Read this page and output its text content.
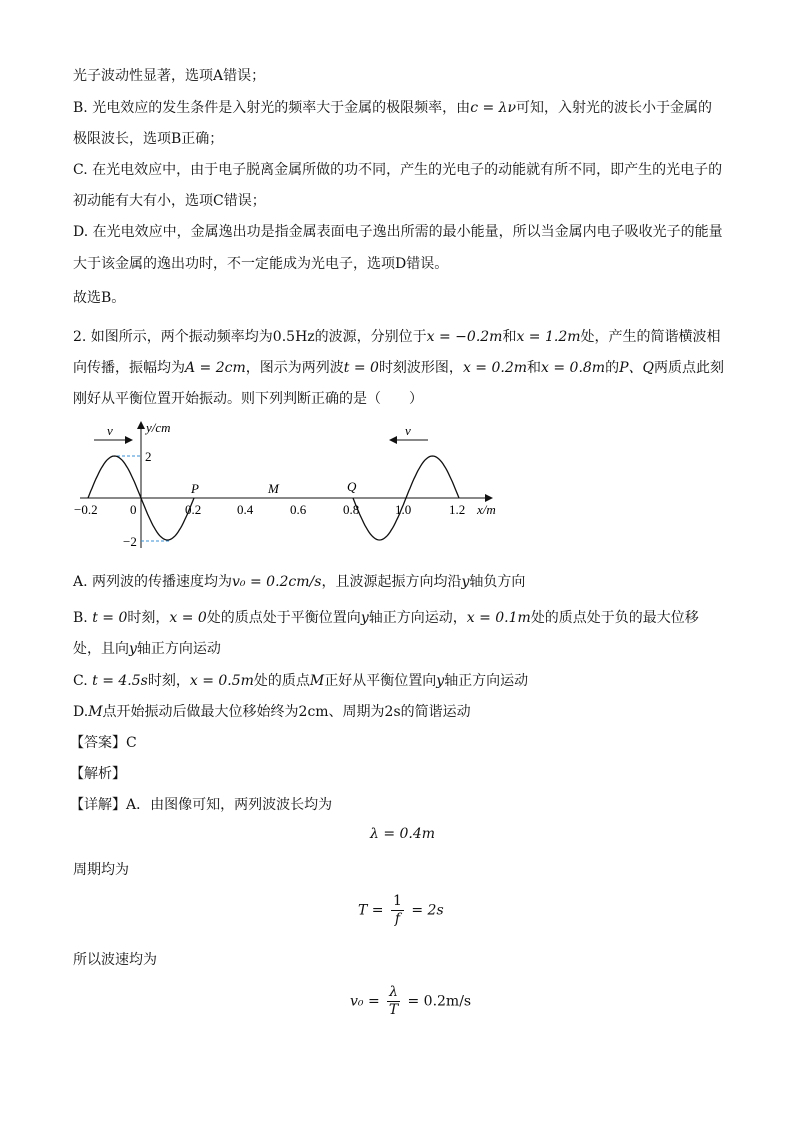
光子波动性显著，选项A错误；
B. 光电效应的发生条件是入射光的频率大于金属的极限频率，由c = λν可知，入射光的波长小于金属的
极限波长，选项B正确；
C. 在光电效应中，由于电子脱离金属所做的功不同，产生的光电子的动能就有所不同，即产生的光电子的
初动能有大有小，选项C错误；
D. 在光电效应中，金属逸出功是指金属表面电子逸出所需的最小能量，所以当金属内电子吸收光子的能量
大于该金属的逸出功时，不一定能成为光电子，选项D错误。
故选B。
2. 如图所示，两个振动频率均为0.5Hz的波源，分别位于x = −0.2m和x = 1.2m处，产生的简谐横波相
向传播，振幅均为A = 2cm，图示为两列波t = 0时刻波形图，x = 0.2m和x = 0.8m的P、Q两质点此刻
刚好从平衡位置开始振动。则下列判断正确的是（　　）
y/cm
x/m
2
−2
−0.2 0	0.2	0.4	0.6	0.8	1.0	1.2
P	M	Q
v	v
A. 两列波的传播速度均为v₀ = 0.2cm/s，且波源起振方向均沿y轴负方向
B. t = 0时刻，x = 0处的质点处于平衡位置向y轴正方向运动，x = 0.1m处的质点处于负的最大位移
处，且向y轴正方向运动
C. t = 4.5s时刻，x = 0.5m处的质点M正好从平衡位置向y轴正方向运动
D.M点开始振动后做最大位移始终为2cm、周期为2s的简谐运动
【答案】C
【解析】
【详解】A．由图像可知，两列波波长均为
λ = 0.4m
周期均为
$T = \frac{1}{f} = 2s$
所以波速均为
$v_0 = \frac{\lambda}{T} = 0.2m/s$
